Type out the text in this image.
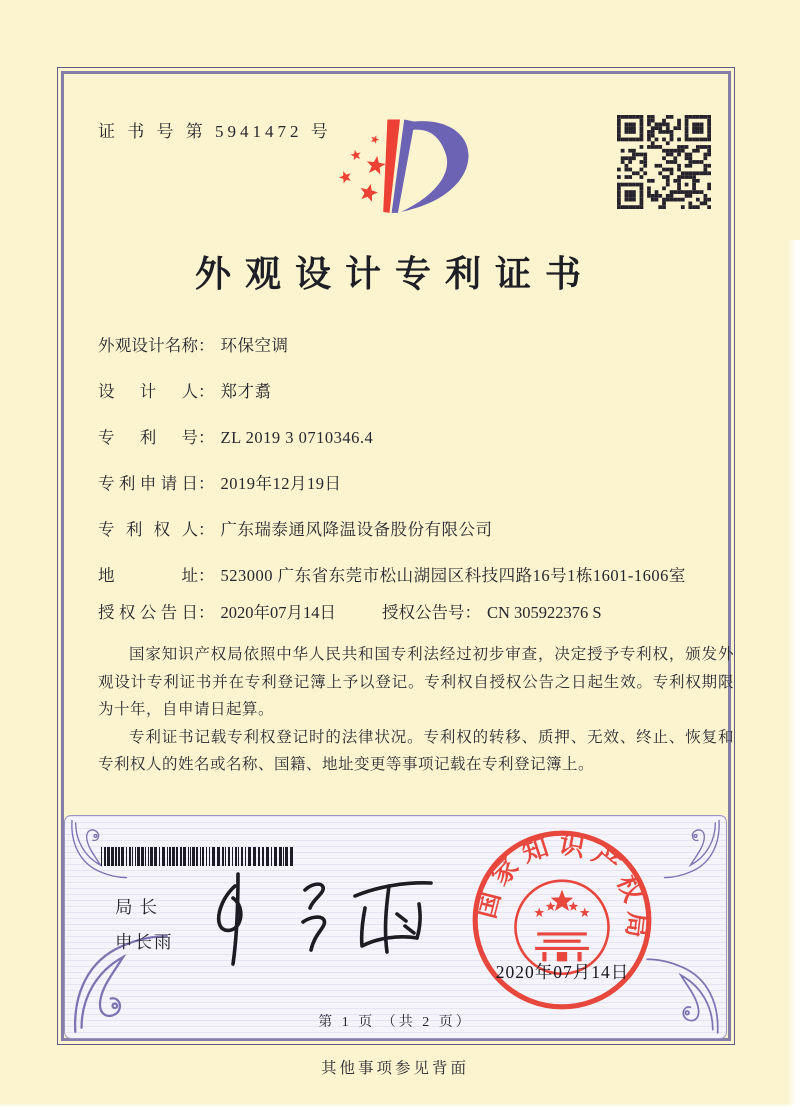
证 书 号 第 5941472 号
外观设计专利证书
外观设计名称 ： 环保空调
设计人 ： 郑才翥
专利号 ： ZL 2019 3 0710346.4
专利申请日 ： 2019年12月19日
专利权人 ： 广东瑞泰通风降温设备股份有限公司
地址 ： 523000 广东省东莞市松山湖园区科技四路16号1栋1601-1606室
授权公告日 ： 2020年07月14日	授权公告号 ： CN 305922376 S

国家知识产权局依照中华人民共和国专利法经过初步审查，决定授予专利权，颁发外观设计专利证书并在专利登记簿上予以登记。专利权自授权公告之日起生效。专利权期限为十年，自申请日起算。

专利证书记载专利权登记时的法律状况。专利权的转移、质押、无效、终止、恢复和专利权人的姓名或名称、国籍、地址变更等事项记载在专利登记簿上。

局长
申长雨
国家知识产权局
2020年07月14日
第 1 页 （共 2 页）
其他事项参见背面
